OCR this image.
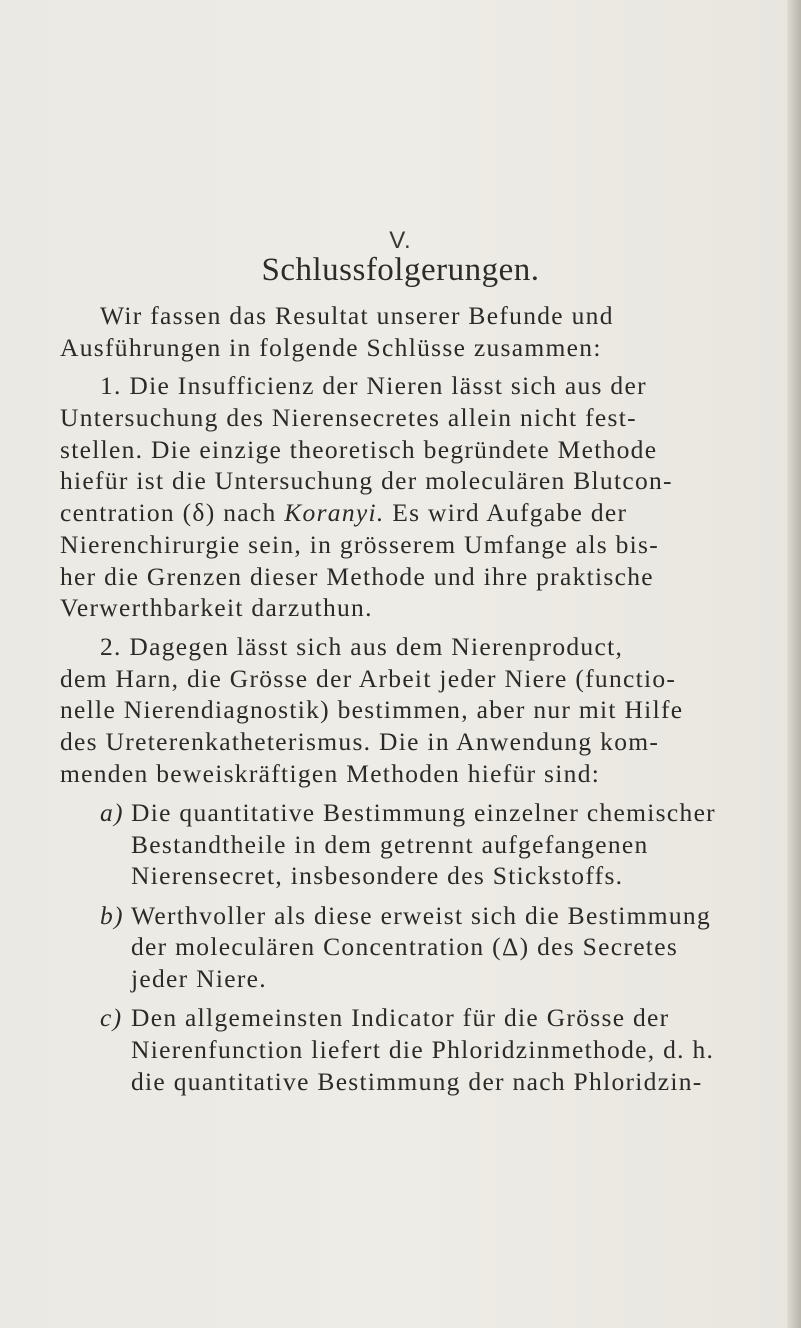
V.
Schlussfolgerungen.
Wir fassen das Resultat unserer Befunde und
Ausführungen in folgende Schlüsse zusammen:
1. Die Insufficienz der Nieren lässt sich aus der
Untersuchung des Nierensecretes allein nicht fest-
stellen. Die einzige theoretisch begründete Methode
hiefür ist die Untersuchung der moleculären Blutcon-
centration (δ) nach Koranyi. Es wird Aufgabe der
Nierenchirurgie sein, in grösserem Umfange als bis-
her die Grenzen dieser Methode und ihre praktische
Verwerthbarkeit darzuthun.
2. Dagegen lässt sich aus dem Nierenproduct,
dem Harn, die Grösse der Arbeit jeder Niere (functio-
nelle Nierendiagnostik) bestimmen, aber nur mit Hilfe
des Ureterenkatheterismus. Die in Anwendung kom-
menden beweiskräftigen Methoden hiefür sind:
a) Die quantitative Bestimmung einzelner chemischer
Bestandtheile in dem getrennt aufgefangenen
Nierensecret, insbesondere des Stickstoffs.
b) Werthvoller als diese erweist sich die Bestimmung
der moleculären Concentration (Δ) des Secretes
jeder Niere.
c) Den allgemeinsten Indicator für die Grösse der
Nierenfunction liefert die Phloridzinmethode, d. h.
die quantitative Bestimmung der nach Phloridzin-
